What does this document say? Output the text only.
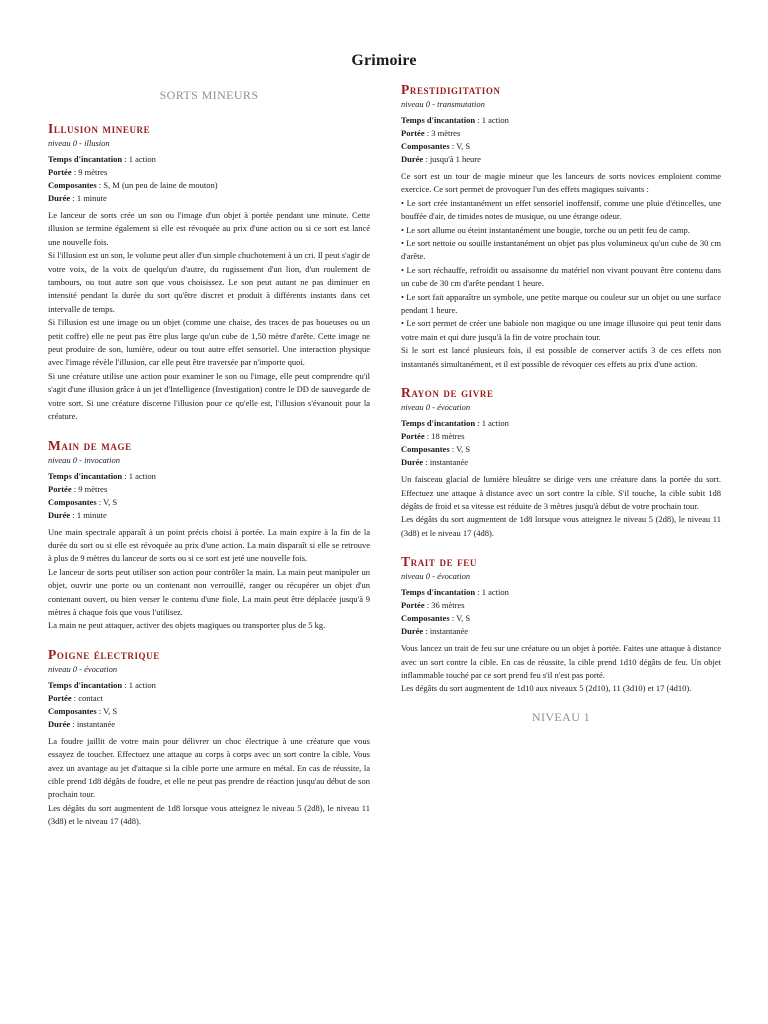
Grimoire

SORTS MINEURS

Illusion mineure

niveau 0 - illusion

Temps d'incantation : 1 action

Portée : 9 mètres

Composantes : S, M (un peu de laine de mouton)

Durée : 1 minute

Le lanceur de sorts crée un son ou l'image d'un objet à portée pendant une minute. Cette illusion se termine également si elle est révoquée au prix d'une action ou si ce sort est lancé une nouvelle fois.

Si l'illusion est un son, le volume peut aller d'un simple chuchotement à un cri. Il peut s'agir de votre voix, de la voix de quelqu'un d'autre, du rugissement d'un lion, d'un roulement de tambours, ou tout autre son que vous choisissez. Le son peut autant ne pas diminuer en intensité pendant la durée du sort qu'être discret et produit à différents instants dans cet intervalle de temps.

Si l'illusion est une image ou un objet (comme une chaise, des traces de pas boueuses ou un petit coffre) elle ne peut pas être plus large qu'un cube de 1,50 mètre d'arête. Cette image ne peut produire de son, lumière, odeur ou tout autre effet sensoriel. Une interaction physique avec l'image révèle l'illusion, car elle peut être traversée par n'importe quoi.

Si une créature utilise une action pour examiner le son ou l'image, elle peut comprendre qu'il s'agit d'une illusion grâce à un jet d'Intelligence (Investigation) contre le DD de sauvegarde de votre sort. Si une créature discerne l'illusion pour ce qu'elle est, l'illusion s'évanouit pour la créature.

Main de mage

niveau 0 - invocation

Temps d'incantation : 1 action

Portée : 9 mètres

Composantes : V, S

Durée : 1 minute

Une main spectrale apparaît à un point précis choisi à portée. La main expire à la fin de la durée du sort ou si elle est révoquée au prix d'une action. La main disparaît si elle se retrouve à plus de 9 mètres du lanceur de sorts ou si ce sort est jeté une nouvelle fois.

Le lanceur de sorts peut utiliser son action pour contrôler la main. La main peut manipuler un objet, ouvrir une porte ou un contenant non verrouillé, ranger ou récupérer un objet d'un contenant ouvert, ou bien verser le contenu d'une fiole. La main peut être déplacée jusqu'à 9 mètres à chaque fois que vous l'utilisez.

La main ne peut attaquer, activer des objets magiques ou transporter plus de 5 kg.

Poigne électrique

niveau 0 - évocation

Temps d'incantation : 1 action

Portée : contact

Composantes : V, S

Durée : instantanée

La foudre jaillit de votre main pour délivrer un choc électrique à une créature que vous essayez de toucher. Effectuez une attaque au corps à corps avec un sort contre la cible. Vous avez un avantage au jet d'attaque si la cible porte une armure en métal. En cas de réussite, la cible prend 1d8 dégâts de foudre, et elle ne peut pas prendre de réaction jusqu'au début de son prochain tour.

Les dégâts du sort augmentent de 1d8 lorsque vous atteignez le niveau 5 (2d8), le niveau 11 (3d8) et le niveau 17 (4d8).

Prestidigitation

niveau 0 - transmutation

Temps d'incantation : 1 action

Portée : 3 mètres

Composantes : V, S

Durée : jusqu'à 1 heure

Ce sort est un tour de magie mineur que les lanceurs de sorts novices emploient comme exercice. Ce sort permet de provoquer l'un des effets magiques suivants :

• Le sort crée instantanément un effet sensoriel inoffensif, comme une pluie d'étincelles, une bouffée d'air, de timides notes de musique, ou une étrange odeur.

• Le sort allume ou éteint instantanément une bougie, torche ou un petit feu de camp.

• Le sort nettoie ou souille instantanément un objet pas plus volumineux qu'un cube de 30 cm d'arête.

• Le sort réchauffe, refroidit ou assaisonne du matériel non vivant pouvant être contenu dans un cube de 30 cm d'arête pendant 1 heure.

• Le sort fait apparaître un symbole, une petite marque ou couleur sur un objet ou une surface pendant 1 heure.

• Le sort permet de créer une babiole non magique ou une image illusoire qui peut tenir dans votre main et qui dure jusqu'à la fin de votre prochain tour.

Si le sort est lancé plusieurs fois, il est possible de conserver actifs 3 de ces effets non instantanés simultanément, et il est possible de révoquer ces effets au prix d'une action.

Rayon de givre

niveau 0 - évocation

Temps d'incantation : 1 action

Portée : 18 mètres

Composantes : V, S

Durée : instantanée

Un faisceau glacial de lumière bleuâtre se dirige vers une créature dans la portée du sort. Effectuez une attaque à distance avec un sort contre la cible. S'il touche, la cible subit 1d8 dégâts de froid et sa vitesse est réduite de 3 mètres jusqu'à début de votre prochain tour.

Les dégâts du sort augmentent de 1d8 lorsque vous atteignez le niveau 5 (2d8), le niveau 11 (3d8) et le niveau 17 (4d8).

Trait de feu

niveau 0 - évocation

Temps d'incantation : 1 action

Portée : 36 mètres

Composantes : V, S

Durée : instantanée

Vous lancez un trait de feu sur une créature ou un objet à portée. Faites une attaque à distance avec un sort contre la cible. En cas de réussite, la cible prend 1d10 dégâts de feu. Un objet inflammable touché par ce sort prend feu s'il n'est pas porté.

Les dégâts du sort augmentent de 1d10 aux niveaux 5 (2d10), 11 (3d10) et 17 (4d10).

NIVEAU 1
